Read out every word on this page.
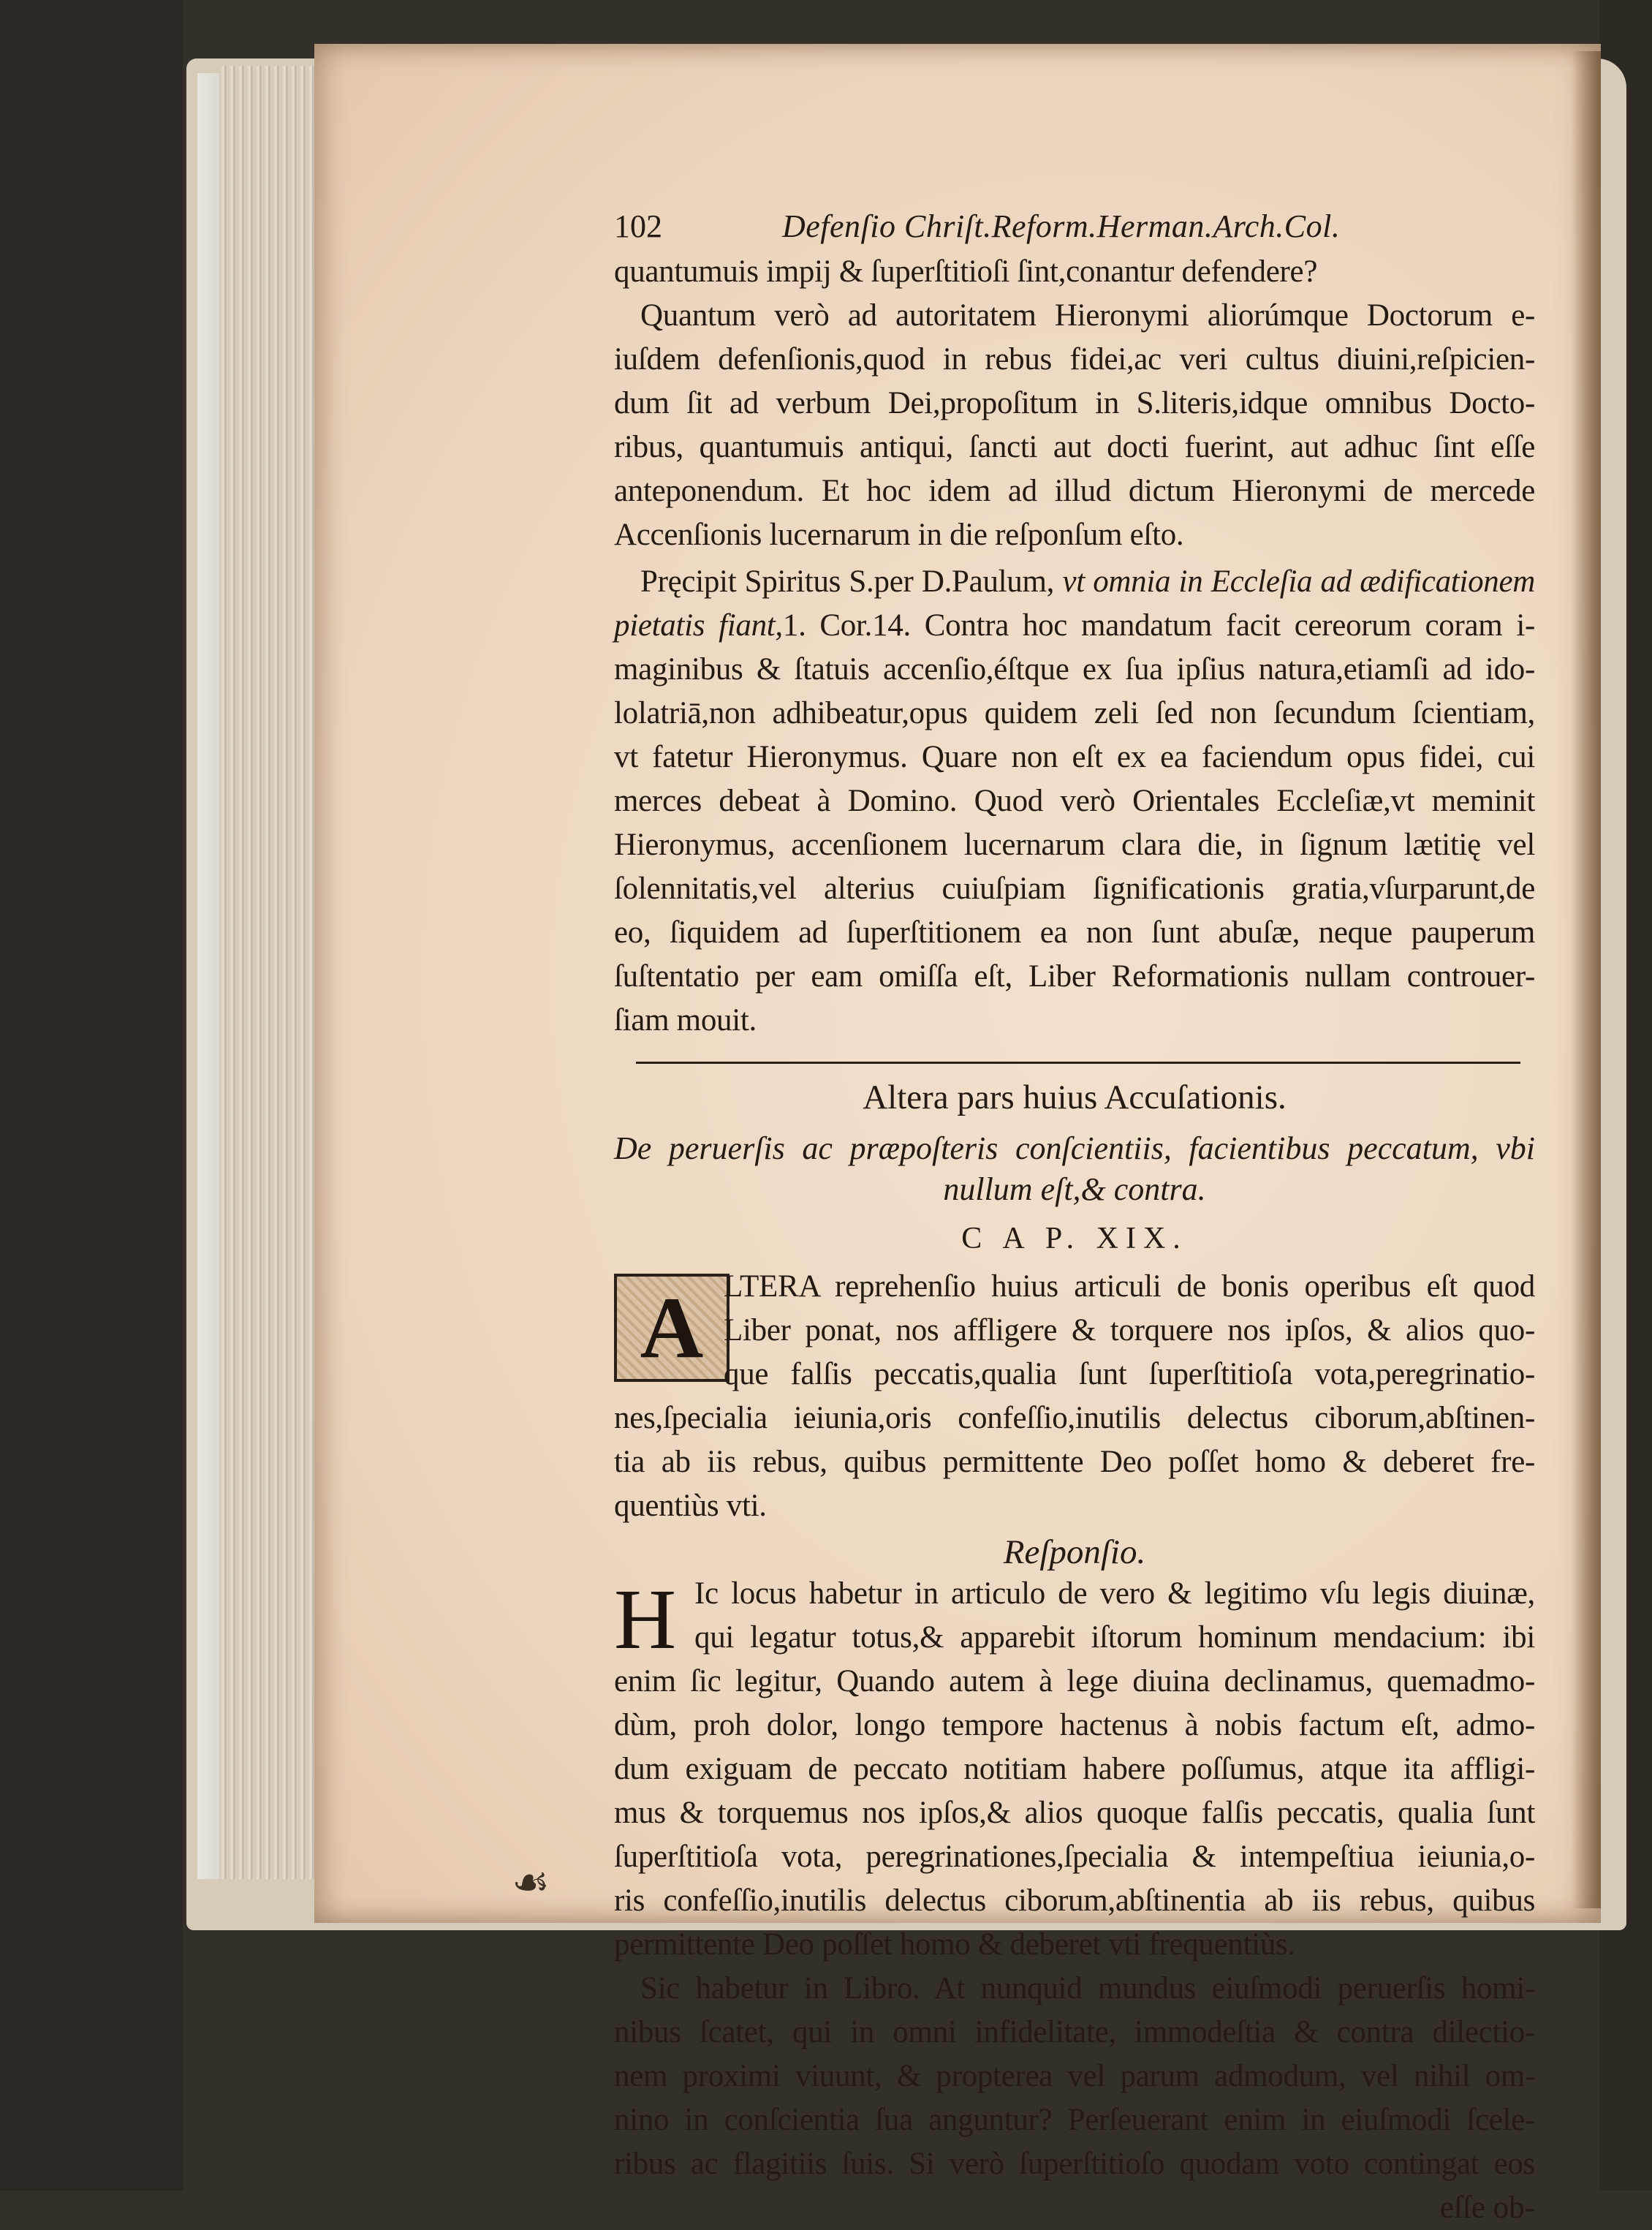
☙
102	Defenſio Chriſt.Reform.Herman.Arch.Col.
quantumuis impij & ſuperſtitioſi ſint,conantur defendere?
Quantum verò ad autoritatem Hieronymi aliorúmque Doctorum e-
iuſdem defenſionis,quod in rebus fidei,ac veri cultus diuini,reſpicien-
dum ſit ad verbum Dei,propoſitum in S.literis,idque omnibus Docto-
ribus, quantumuis antiqui, ſancti aut docti fuerint, aut adhuc ſint eſſe
anteponendum. Et hoc idem ad illud dictum Hieronymi de mercede
Accenſionis lucernarum in die reſponſum eſto.
Pręcipit Spiritus S.per D.Paulum, vt omnia in Eccleſia ad ædificationem
pietatis fiant,1. Cor.14. Contra hoc mandatum facit cereorum coram i-
maginibus & ſtatuis accenſio,éſtque ex ſua ipſius natura,etiamſi ad ido-
lolatriā,non adhibeatur,opus quidem zeli ſed non ſecundum ſcientiam,
vt fatetur Hieronymus. Quare non eſt ex ea faciendum opus fidei, cui
merces debeat à Domino. Quod verò Orientales Eccleſiæ,vt meminit
Hieronymus, accenſionem lucernarum clara die, in ſignum lætitię vel
ſolennitatis,vel alterius cuiuſpiam ſignificationis gratia,vſurparunt,de
eo, ſiquidem ad ſuperſtitionem ea non ſunt abuſæ, neque pauperum
ſuſtentatio per eam omiſſa eſt, Liber Reformationis nullam controuer-
ſiam mouit.
Altera pars huius Accuſationis.
De peruerſis ac præpoſteris conſcientiis, facientibus peccatum, vbi
nullum eſt,& contra.
C A P. XIX.
A LTERA reprehenſio huius articuli de bonis operibus eſt quod
Liber ponat, nos affligere & torquere nos ipſos, & alios quo-
que falſis peccatis,qualia ſunt ſuperſtitioſa vota,peregrinatio-
nes,ſpecialia ieiunia,oris confeſſio,inutilis delectus ciborum,abſtinen-
tia ab iis rebus, quibus permittente Deo poſſet homo & deberet fre-
quentiùs vti.
Reſponſio.
H Ic locus habetur in articulo de vero & legitimo vſu legis diuinæ,
qui legatur totus,& apparebit iſtorum hominum mendacium: ibi
enim ſic legitur, Quando autem à lege diuina declinamus, quemadmo-
dùm, proh dolor, longo tempore hactenus à nobis factum eſt, admo-
dum exiguam de peccato notitiam habere poſſumus, atque ita affligi-
mus & torquemus nos ipſos,& alios quoque falſis peccatis, qualia ſunt
ſuperſtitioſa vota, peregrinationes,ſpecialia & intempeſtiua ieiunia,o-
ris confeſſio,inutilis delectus ciborum,abſtinentia ab iis rebus, quibus
permittente Deo poſſet homo & deberet vti frequentiùs.
Sic habetur in Libro. At nunquid mundus eiuſmodi peruerſis homi-
nibus ſcatet, qui in omni infidelitate, immodeſtia & contra dilectio-
nem proximi viuunt, & propterea vel parum admodum, vel nihil om-
nino in conſcientia ſua anguntur? Perſeuerant enim in eiuſmodi ſcele-
ribus ac flagitiis ſuis. Si verò ſuperſtitioſo quodam voto contingat eos
eſſe ob-
